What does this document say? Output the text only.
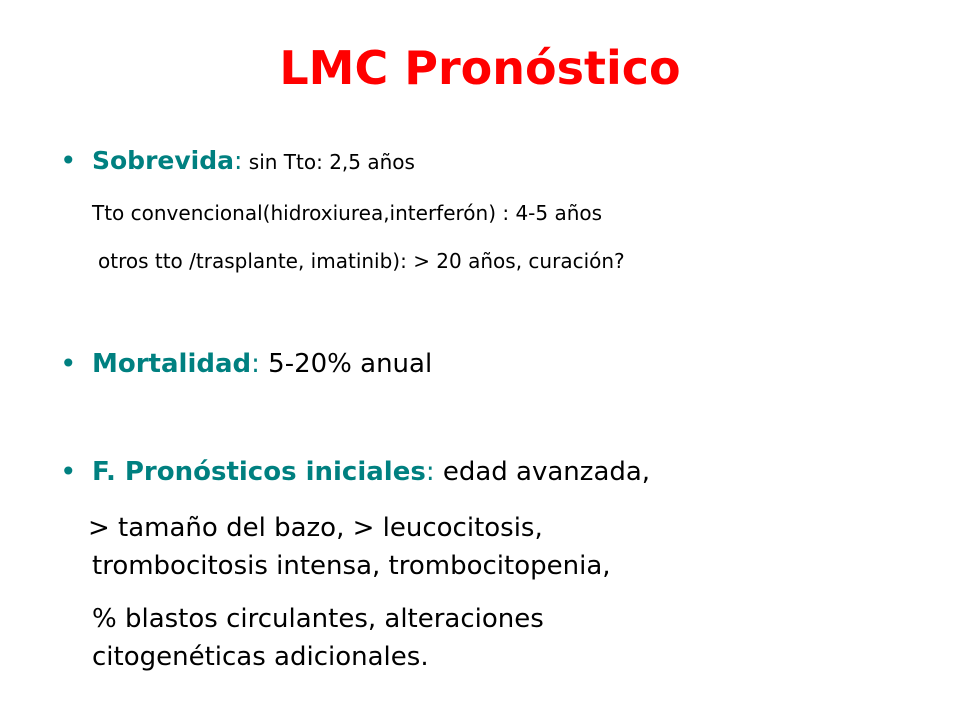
LMC Pronóstico
• Sobrevida: sin Tto: 2,5 años

Tto convencional(hidroxiurea,interferón) : 4-5 años

otros tto /trasplante, imatinib): > 20 años, curación?

• Mortalidad: 5-20% anual

• F. Pronósticos iniciales: edad avanzada,

> tamaño del bazo, > leucocitosis,

trombocitosis intensa, trombocitopenia,

% blastos circulantes, alteraciones

citogenéticas adicionales.
